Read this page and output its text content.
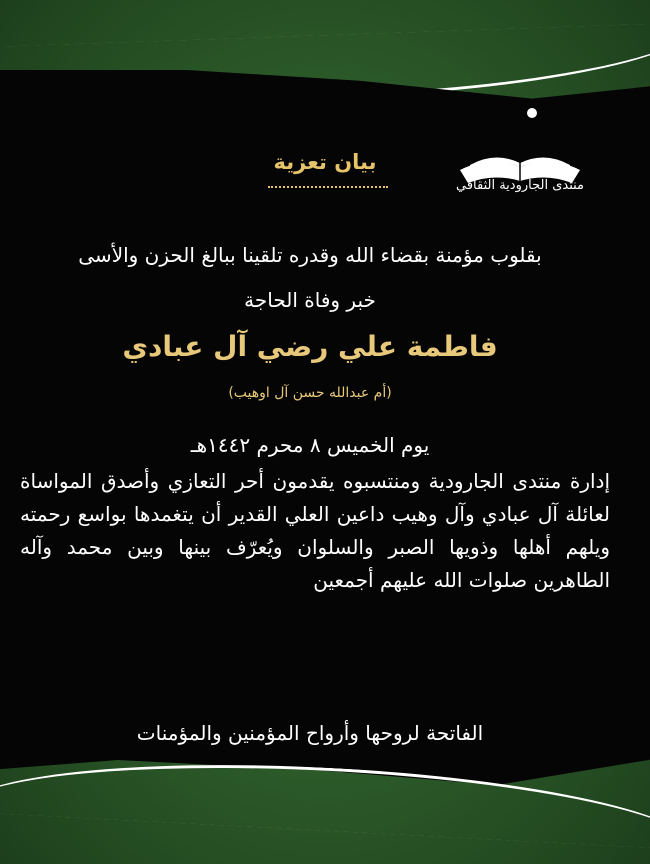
منتدى الجارودية الثقافي
بيان تعزية
بقلوب مؤمنة بقضاء الله وقدره تلقينا ببالغ الحزن والأسى
خبر وفاة الحاجة
فاطمة علي رضي آل عبادي
(أم عبدالله حسن آل اوهيب)
يوم الخميس ٨ محرم ١٤٤٢هـ
إدارة منتدى الجارودية ومنتسبوه يقدمون أحر التعازي وأصدق المواساة لعائلة آل عبادي وآل وهيب داعين العلي القدير أن يتغمدها بواسع رحمته ويلهم أهلها وذويها الصبر والسلوان ويُعرّف بينها وبين محمد وآله الطاهرين صلوات الله عليهم أجمعين
الفاتحة لروحها وأرواح المؤمنين والمؤمنات
